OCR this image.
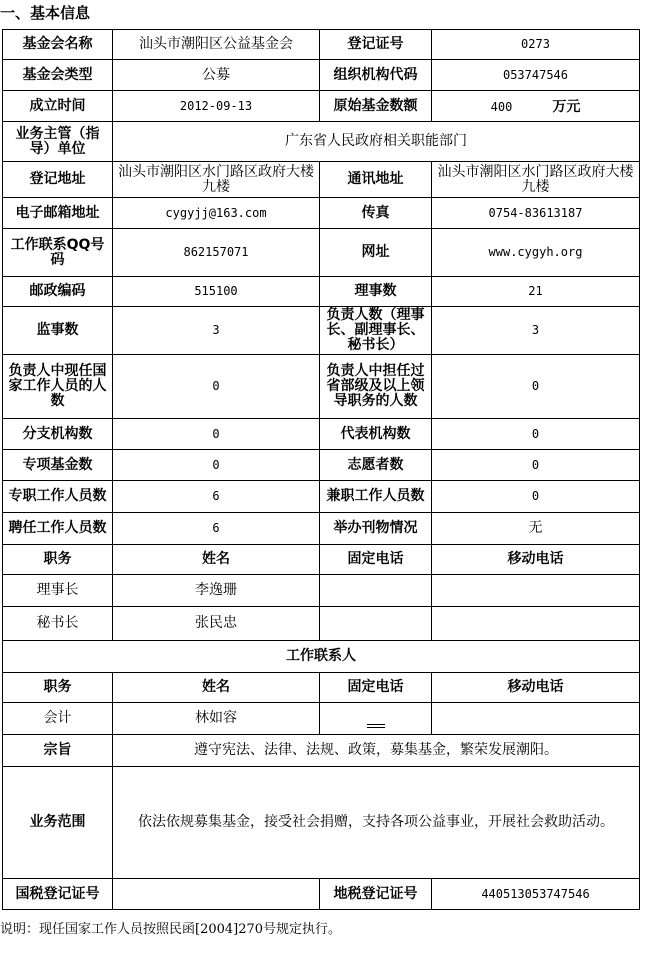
一、基本信息
基金会名称	汕头市潮阳区公益基金会	登记证号	0273
基金会类型	公募	组织机构代码	053747546
成立时间	2012-09-13	原始基金数额	400 万元
业务主管（指导）单位	广东省人民政府相关职能部门		
登记地址	汕头市潮阳区水门路区政府大楼九楼	通讯地址	汕头市潮阳区水门路区政府大楼九楼
电子邮箱地址	cygyjj@163.com	传真	0754-83613187
工作联系QQ号码	862157071	网址	www.cygyh.org
邮政编码	515100	理事数	21
监事数	3	负责人数（理事长、副理事长、秘书长）	3
负责人中现任国家工作人员的人数	0	负责人中担任过省部级及以上领导职务的人数	0
分支机构数	0	代表机构数	0
专项基金数	0	志愿者数	0
专职工作人员数	6	兼职工作人员数	0
聘任工作人员数	6	举办刊物情况	无
职务	姓名	固定电话	移动电话
理事长	李逸珊		
秘书长	张民忠		
工作联系人			
职务	姓名	固定电话	移动电话
会计	林如容		
宗旨	遵守宪法、法律、法规、政策，募集基金，繁荣发展潮阳。		
业务范围	依法依规募集基金，接受社会捐赠，支持各项公益事业，开展社会救助活动。		
国税登记证号		地税登记证号	440513053747546
说明：现任国家工作人员按照民函[2004]270号规定执行。
